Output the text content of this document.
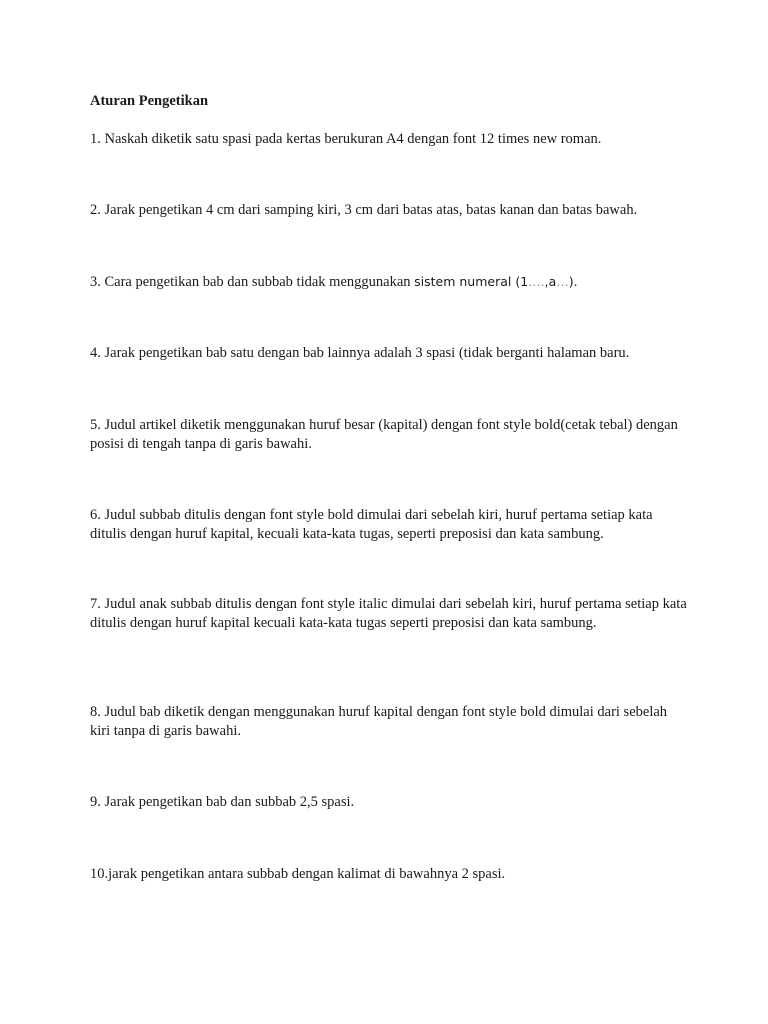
Aturan Pengetikan

1. Naskah diketik satu spasi pada kertas berukuran A4 dengan font 12 times new roman.

2. Jarak pengetikan 4 cm dari samping kiri, 3 cm dari batas atas, batas kanan dan batas bawah.

3. Cara pengetikan bab dan subbab tidak menggunakan sistem numeral (1….,a…).

4. Jarak pengetikan bab satu dengan bab lainnya adalah 3 spasi (tidak berganti halaman baru.

5. Judul artikel diketik menggunakan huruf besar (kapital) dengan font style bold(cetak tebal) dengan posisi di tengah tanpa di garis bawahi.

6. Judul subbab ditulis dengan font style bold dimulai dari sebelah kiri, huruf pertama setiap kata ditulis dengan huruf kapital, kecuali kata-kata tugas, seperti preposisi dan kata sambung.

7. Judul anak subbab ditulis dengan font style italic dimulai dari sebelah kiri, huruf pertama setiap kata ditulis dengan huruf kapital kecuali kata-kata tugas seperti preposisi dan kata sambung.

8. Judul bab diketik dengan menggunakan huruf kapital dengan font style bold dimulai dari sebelah kiri tanpa di garis bawahi.

9. Jarak pengetikan bab dan subbab 2,5 spasi.

10.jarak pengetikan antara subbab dengan kalimat di bawahnya 2 spasi.
